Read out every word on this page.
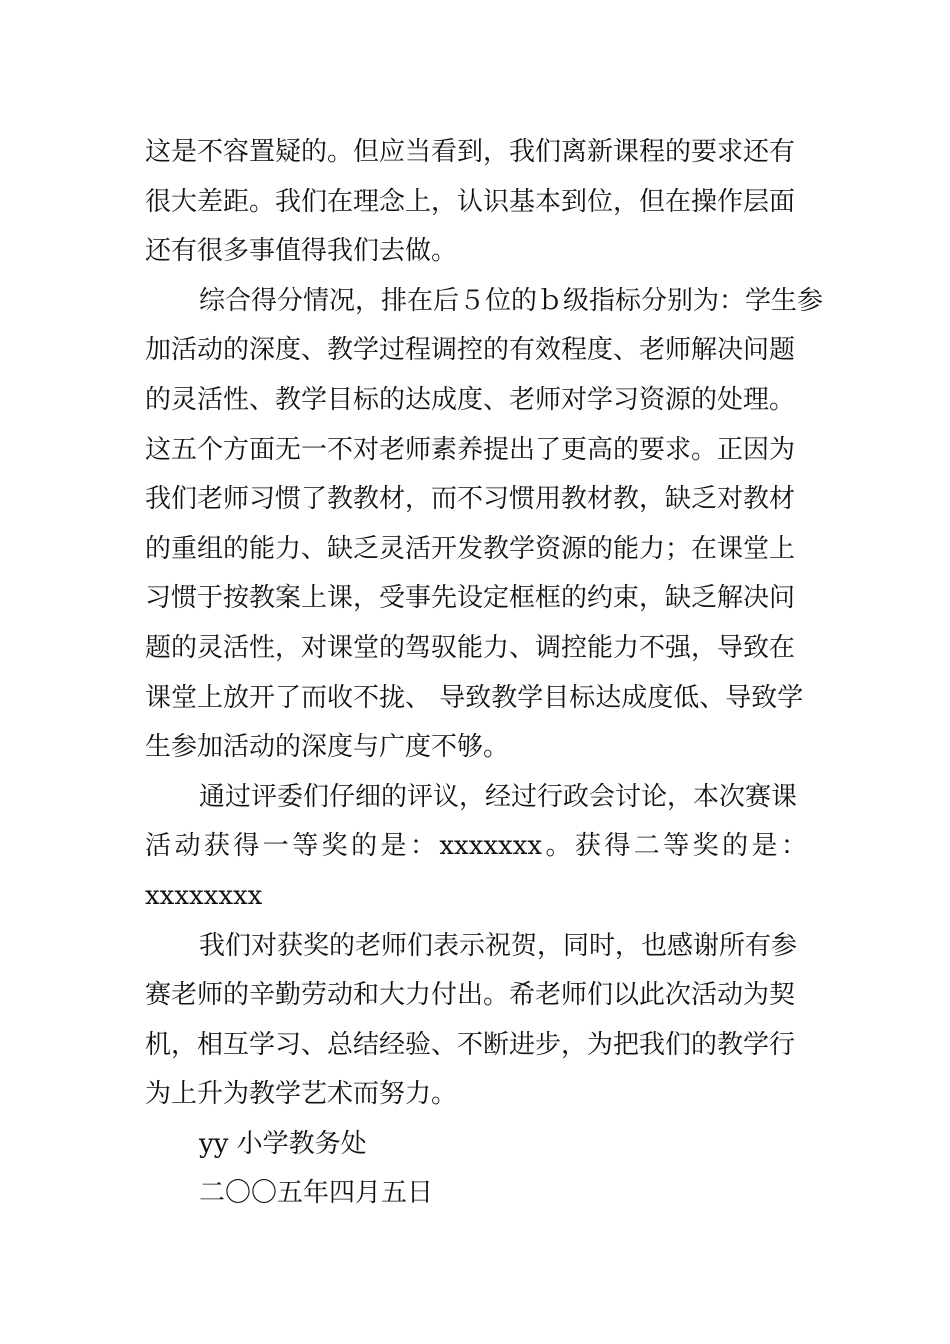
这是不容置疑的。但应当看到，我们离新课程的要求还有
很大差距。我们在理念上，认识基本到位，但在操作层面
还有很多事值得我们去做。

综合得分情况，排在后５位的ｂ级指标分别为：学生参
加活动的深度、教学过程调控的有效程度、老师解决问题
的灵活性、教学目标的达成度、老师对学习资源的处理。
这五个方面无一不对老师素养提出了更高的要求。正因为
我们老师习惯了教教材，而不习惯用教材教，缺乏对教材
的重组的能力、缺乏灵活开发教学资源的能力；在课堂上
习惯于按教案上课，受事先设定框框的约束，缺乏解决问
题的灵活性，对课堂的驾驭能力、调控能力不强，导致在
课堂上放开了而收不拢、 导致教学目标达成度低、导致学
生参加活动的深度与广度不够。

通过评委们仔细的评议，经过行政会讨论，本次赛课
活 动 获 得 一 等 奖 的 是 ： xxxxxxx 。 获 得 二 等 奖 的 是 ：
xxxxxxxx

我们对获奖的老师们表示祝贺，同时，也感谢所有参
赛老师的辛勤劳动和大力付出。希老师们以此次活动为契
机，相互学习、总结经验、不断进步，为把我们的教学行
为上升为教学艺术而努力。

yy 小学教务处

二〇〇五年四月五日
